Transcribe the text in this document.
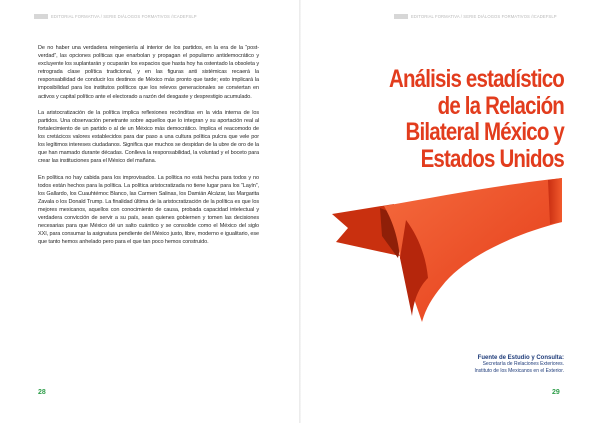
EDITORIAL FORMATIVA / SERIE DIÁLOGOS FORMATIVOS /ICADEFSLP

De no haber una verdadera reingeniería al interior de los partidos, en la era de la “post-verdad”, las opciones políticas que enarbolan y propagan el populismo antidemocrático y excluyente los suplantarán y ocuparán los espacios que hasta hoy ha ostentado la obsoleta y retrograda clase política tradicional, y en las figuras anti sistémicas recaerá la responsabilidad de conducir los destinos de México más pronto que tarde; esto implicará la imposibilidad para los institutos políticos que los relevos generacionales se conviertan en activos y capital político ante el electorado a razón del desgaste y desprestigio acumulado.

La aristocratización de la política implica reflexiones recónditas en la vida interna de los partidos. Una observación penetrante sobre aquellos que lo integran y su aportación real al fortalecimiento de un partido o al de un México más democrático. Implica el reacomodo de los cretácicos valores establecidos para dar paso a una cultura política pulcra que vele por los legítimos intereses ciudadanos. Significa que muchos se despidan de la ubre de oro de la que han mamado durante décadas. Conlleva la responsabilidad, la voluntad y el boceto para crear las instituciones para el México del mañana.

En política no hay cabida para los improvisados. La política no está hecha para todos y no todos están hechos para la política. La política aristocratizada no tiene lugar para los “Layín”, los Gallardo, los Cuauhtémoc Blanco, las Carmen Salinas, los Damián Alcázar, las Margarita Zavala o los Donald Trump. La finalidad última de la aristocratización de la política es que los mejores mexicanos, aquellos con conocimiento de causa, probada capacidad intelectual y verdadera convicción de servir a su país, sean quienes gobiernen y tomen las decisiones necesarias para que México dé un salto cuántico y se consolide como el México del siglo XXI, para consumar la asignatura pendiente del México justo, libre, moderno e igualitario, ese que tanto hemos anhelado pero para el que tan poco hemos construido.

28
EDITORIAL FORMATIVA / SERIE DIÁLOGOS FORMATIVOS /ICADEFSLP
Análisis estadístico
de la Relación
Bilateral México y
Estados Unidos
Fuente de Estudio y Consulta:
Secretaría de Relaciones Exteriores.
Instituto de los Mexicanos en el Exterior.
29
